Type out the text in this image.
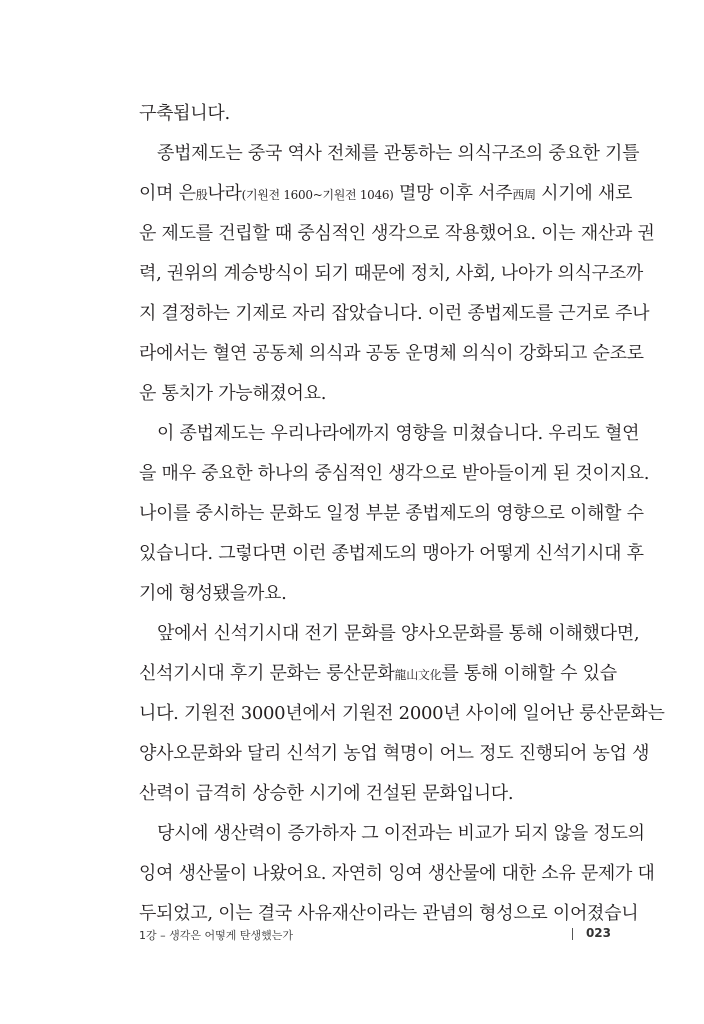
구축됩니다.
종법제도는 중국 역사 전체를 관통하는 의식구조의 중요한 기틀
이며 은殷나라(기원전 1600~기원전 1046) 멸망 이후 서주西周 시기에 새로
운 제도를 건립할 때 중심적인 생각으로 작용했어요. 이는 재산과 권
력, 권위의 계승방식이 되기 때문에 정치, 사회, 나아가 의식구조까
지 결정하는 기제로 자리 잡았습니다. 이런 종법제도를 근거로 주나
라에서는 혈연 공동체 의식과 공동 운명체 의식이 강화되고 순조로
운 통치가 가능해졌어요.
이 종법제도는 우리나라에까지 영향을 미쳤습니다. 우리도 혈연
을 매우 중요한 하나의 중심적인 생각으로 받아들이게 된 것이지요.
나이를 중시하는 문화도 일정 부분 종법제도의 영향으로 이해할 수
있습니다. 그렇다면 이런 종법제도의 맹아가 어떻게 신석기시대 후
기에 형성됐을까요.
앞에서 신석기시대 전기 문화를 양사오문화를 통해 이해했다면,
신석기시대 후기 문화는 룽산문화龍山文化를 통해 이해할 수 있습
니다. 기원전 3000년에서 기원전 2000년 사이에 일어난 룽산문화는
양사오문화와 달리 신석기 농업 혁명이 어느 정도 진행되어 농업 생
산력이 급격히 상승한 시기에 건설된 문화입니다.
당시에 생산력이 증가하자 그 이전과는 비교가 되지 않을 정도의
잉여 생산물이 나왔어요. 자연히 잉여 생산물에 대한 소유 문제가 대
두되었고, 이는 결국 사유재산이라는 관념의 형성으로 이어졌습니
1강 – 생각은 어떻게 탄생했는가	023
